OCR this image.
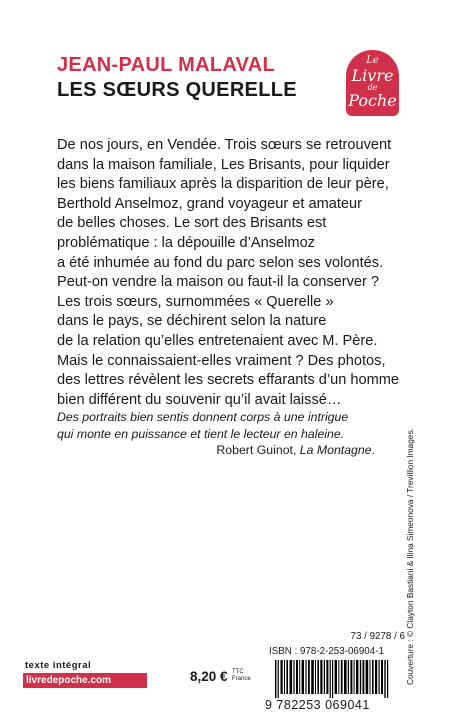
JEAN-PAUL MALAVAL
LES SŒURS QUERELLE
Le
Livre
de
Poche
De nos jours, en Vendée. Trois sœurs se retrouvent
dans la maison familiale, Les Brisants, pour liquider
les biens familiaux après la disparition de leur père,
Berthold Anselmoz, grand voyageur et amateur
de belles choses. Le sort des Brisants est
problématique : la dépouille d’Anselmoz
a été inhumée au fond du parc selon ses volontés.
Peut-on vendre la maison ou faut-il la conserver ?
Les trois sœurs, surnommées « Querelle »
dans le pays, se déchirent selon la nature
de la relation qu’elles entretenaient avec M. Père.
Mais le connaissaient-elles vraiment ? Des photos,
des lettres révèlent les secrets effarants d’un homme
bien différent du souvenir qu’il avait laissé…
Des portraits bien sentis donnent corps à une intrigue
qui monte en puissance et tient le lecteur en haleine.
Robert Guinot, La Montagne.	Couverture : © Clayton Bastiani & Ilina Simeonova / Trevillion Images.
texte intégral
livredepoche.com	8,20 € TTC
France
73 / 9278 / 6
ISBN : 978-2-253-06904-1
9 782253 069041
